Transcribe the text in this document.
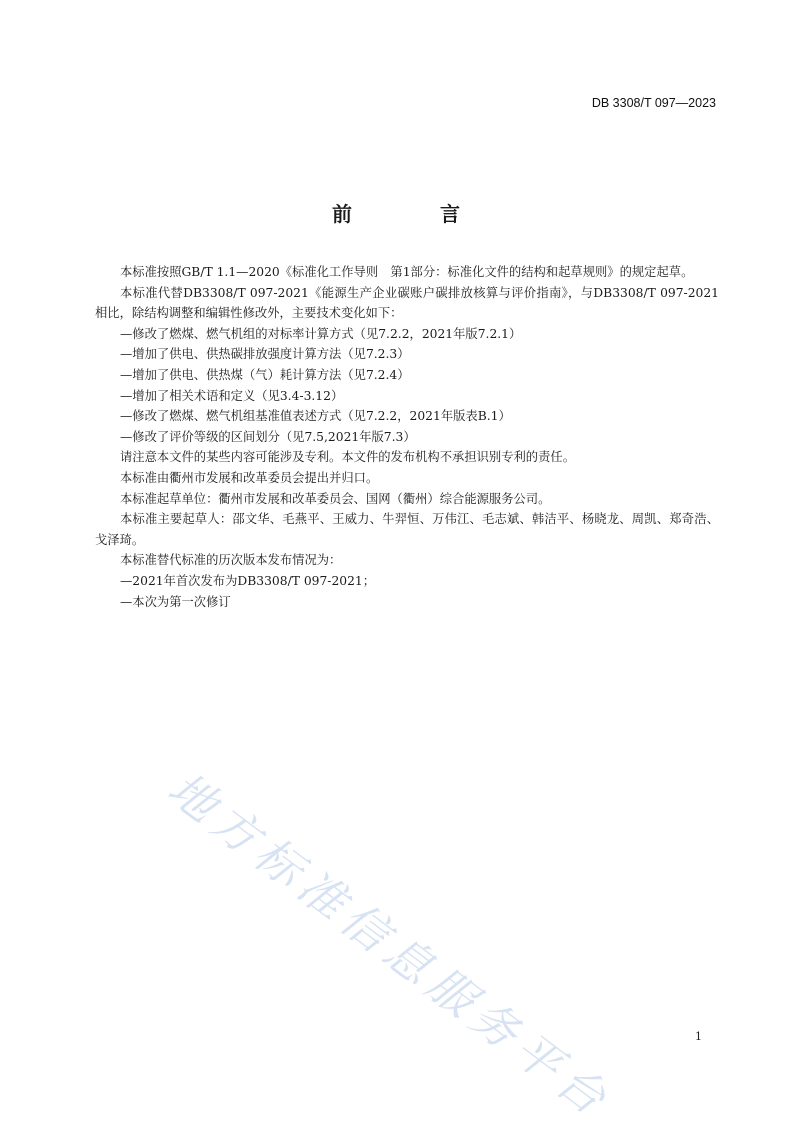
DB 3308/T 097—2023
前　言

本标准按照GB/T 1.1—2020《标准化工作导则　第1部分：标准化文件的结构和起草规则》的规定起草。

本标准代替DB3308/T 097-2021《能源生产企业碳账户碳排放核算与评价指南》，与DB3308/T 097-2021相比，除结构调整和编辑性修改外，主要技术变化如下：

—修改了燃煤、燃气机组的对标率计算方式（见7.2.2，2021年版7.2.1）

—增加了供电、供热碳排放强度计算方法（见7.2.3）

—增加了供电、供热煤（气）耗计算方法（见7.2.4）

—增加了相关术语和定义（见3.4-3.12）

—修改了燃煤、燃气机组基准值表述方式（见7.2.2，2021年版表B.1）

—修改了评价等级的区间划分（见7.5,2021年版7.3）

请注意本文件的某些内容可能涉及专利。本文件的发布机构不承担识别专利的责任。

本标准由衢州市发展和改革委员会提出并归口。

本标准起草单位：衢州市发展和改革委员会、国网（衢州）综合能源服务公司。

本标准主要起草人：邵文华、毛燕平、王威力、牛羿恒、万伟江、毛志斌、韩洁平、杨晓龙、周凯、郑奇浩、戈泽琦。

本标准替代标准的历次版本发布情况为：

—2021年首次发布为DB3308/T 097-2021；

—本次为第一次修订

地方标准信息服务平台	1
